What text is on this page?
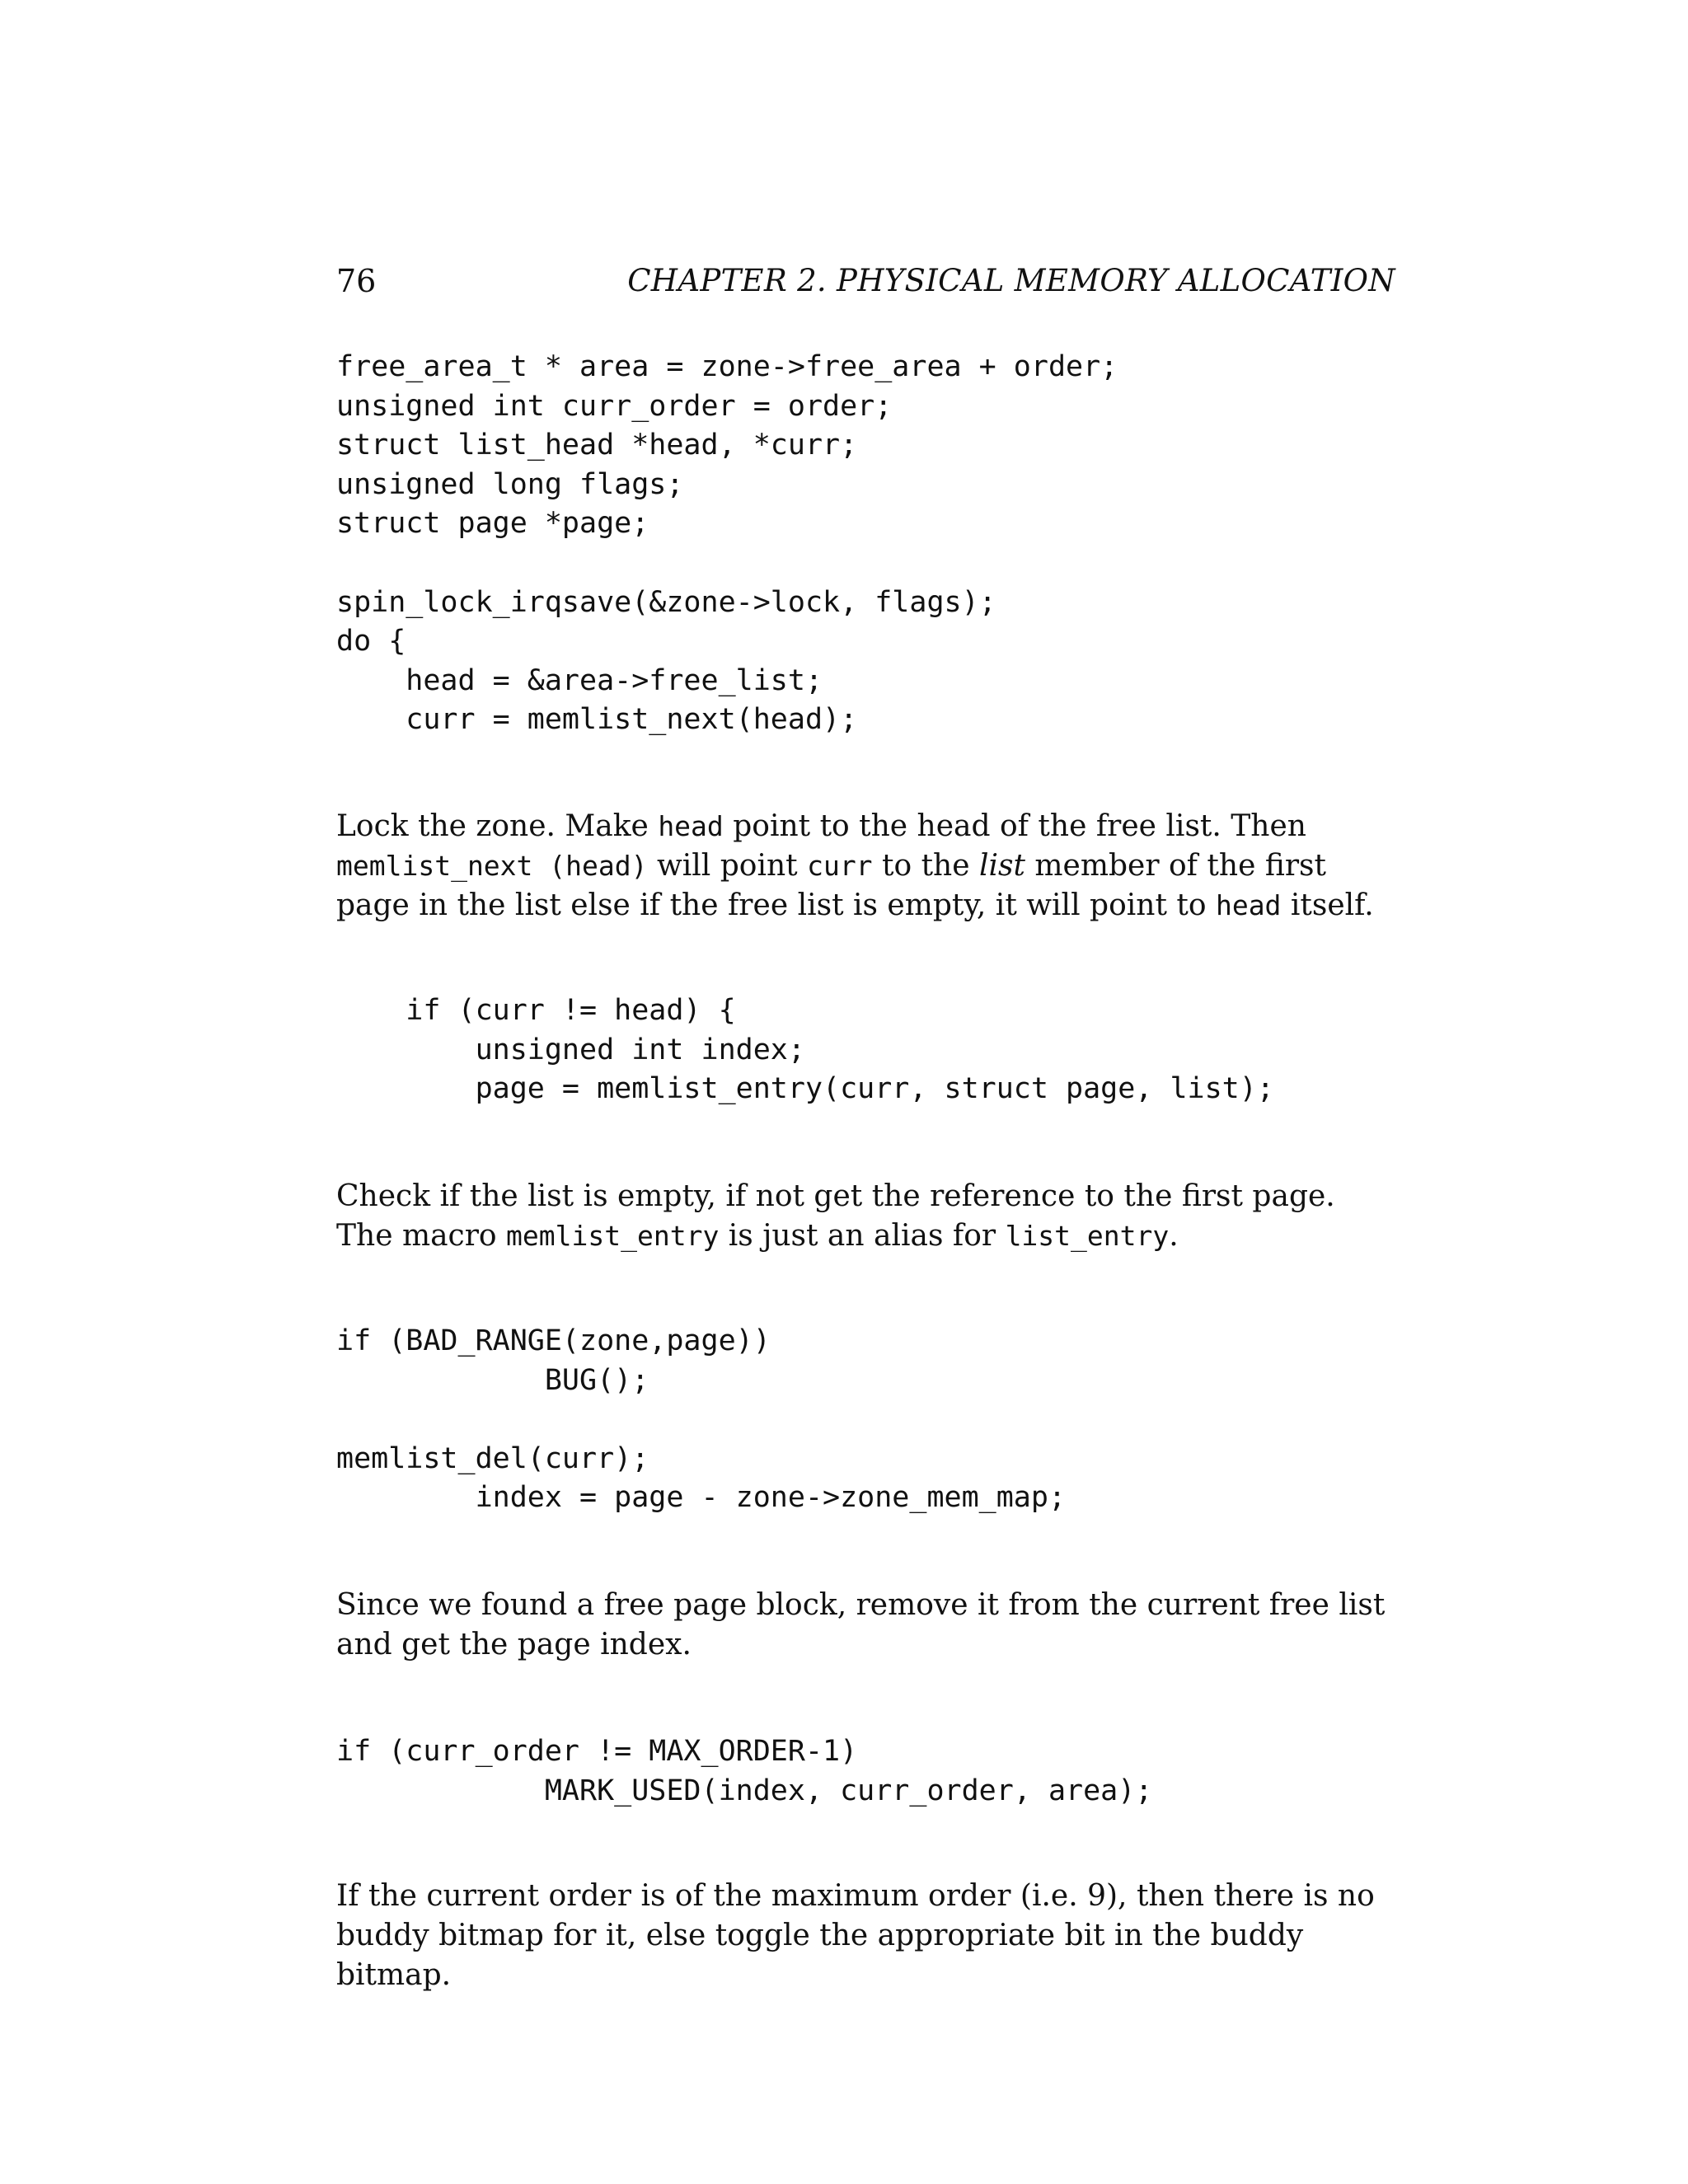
76	CHAPTER 2. PHYSICAL MEMORY ALLOCATION
free_area_t * area = zone->free_area + order;
unsigned int curr_order = order;
struct list_head *head, *curr;
unsigned long flags;
struct page *page;

spin_lock_irqsave(&zone->lock, flags);
do {
head = &area->free_list;
curr = memlist_next(head);

Lock the zone. Make head point to the head of the free list. Then memlist_next (head) will point curr to the list member of the first page in the list else if the free list is empty, it will point to head itself.

if (curr != head) {
unsigned int index;
page = memlist_entry(curr, struct page, list);

Check if the list is empty, if not get the reference to the first page. The macro memlist_entry is just an alias for list_entry.

if (BAD_RANGE(zone,page))
BUG();

memlist_del(curr);
index = page - zone->zone_mem_map;

Since we found a free page block, remove it from the current free list and get the page index.

if (curr_order != MAX_ORDER-1)
MARK_USED(index, curr_order, area);

If the current order is of the maximum order (i.e. 9), then there is no buddy bitmap for it, else toggle the appropriate bit in the buddy bitmap.
